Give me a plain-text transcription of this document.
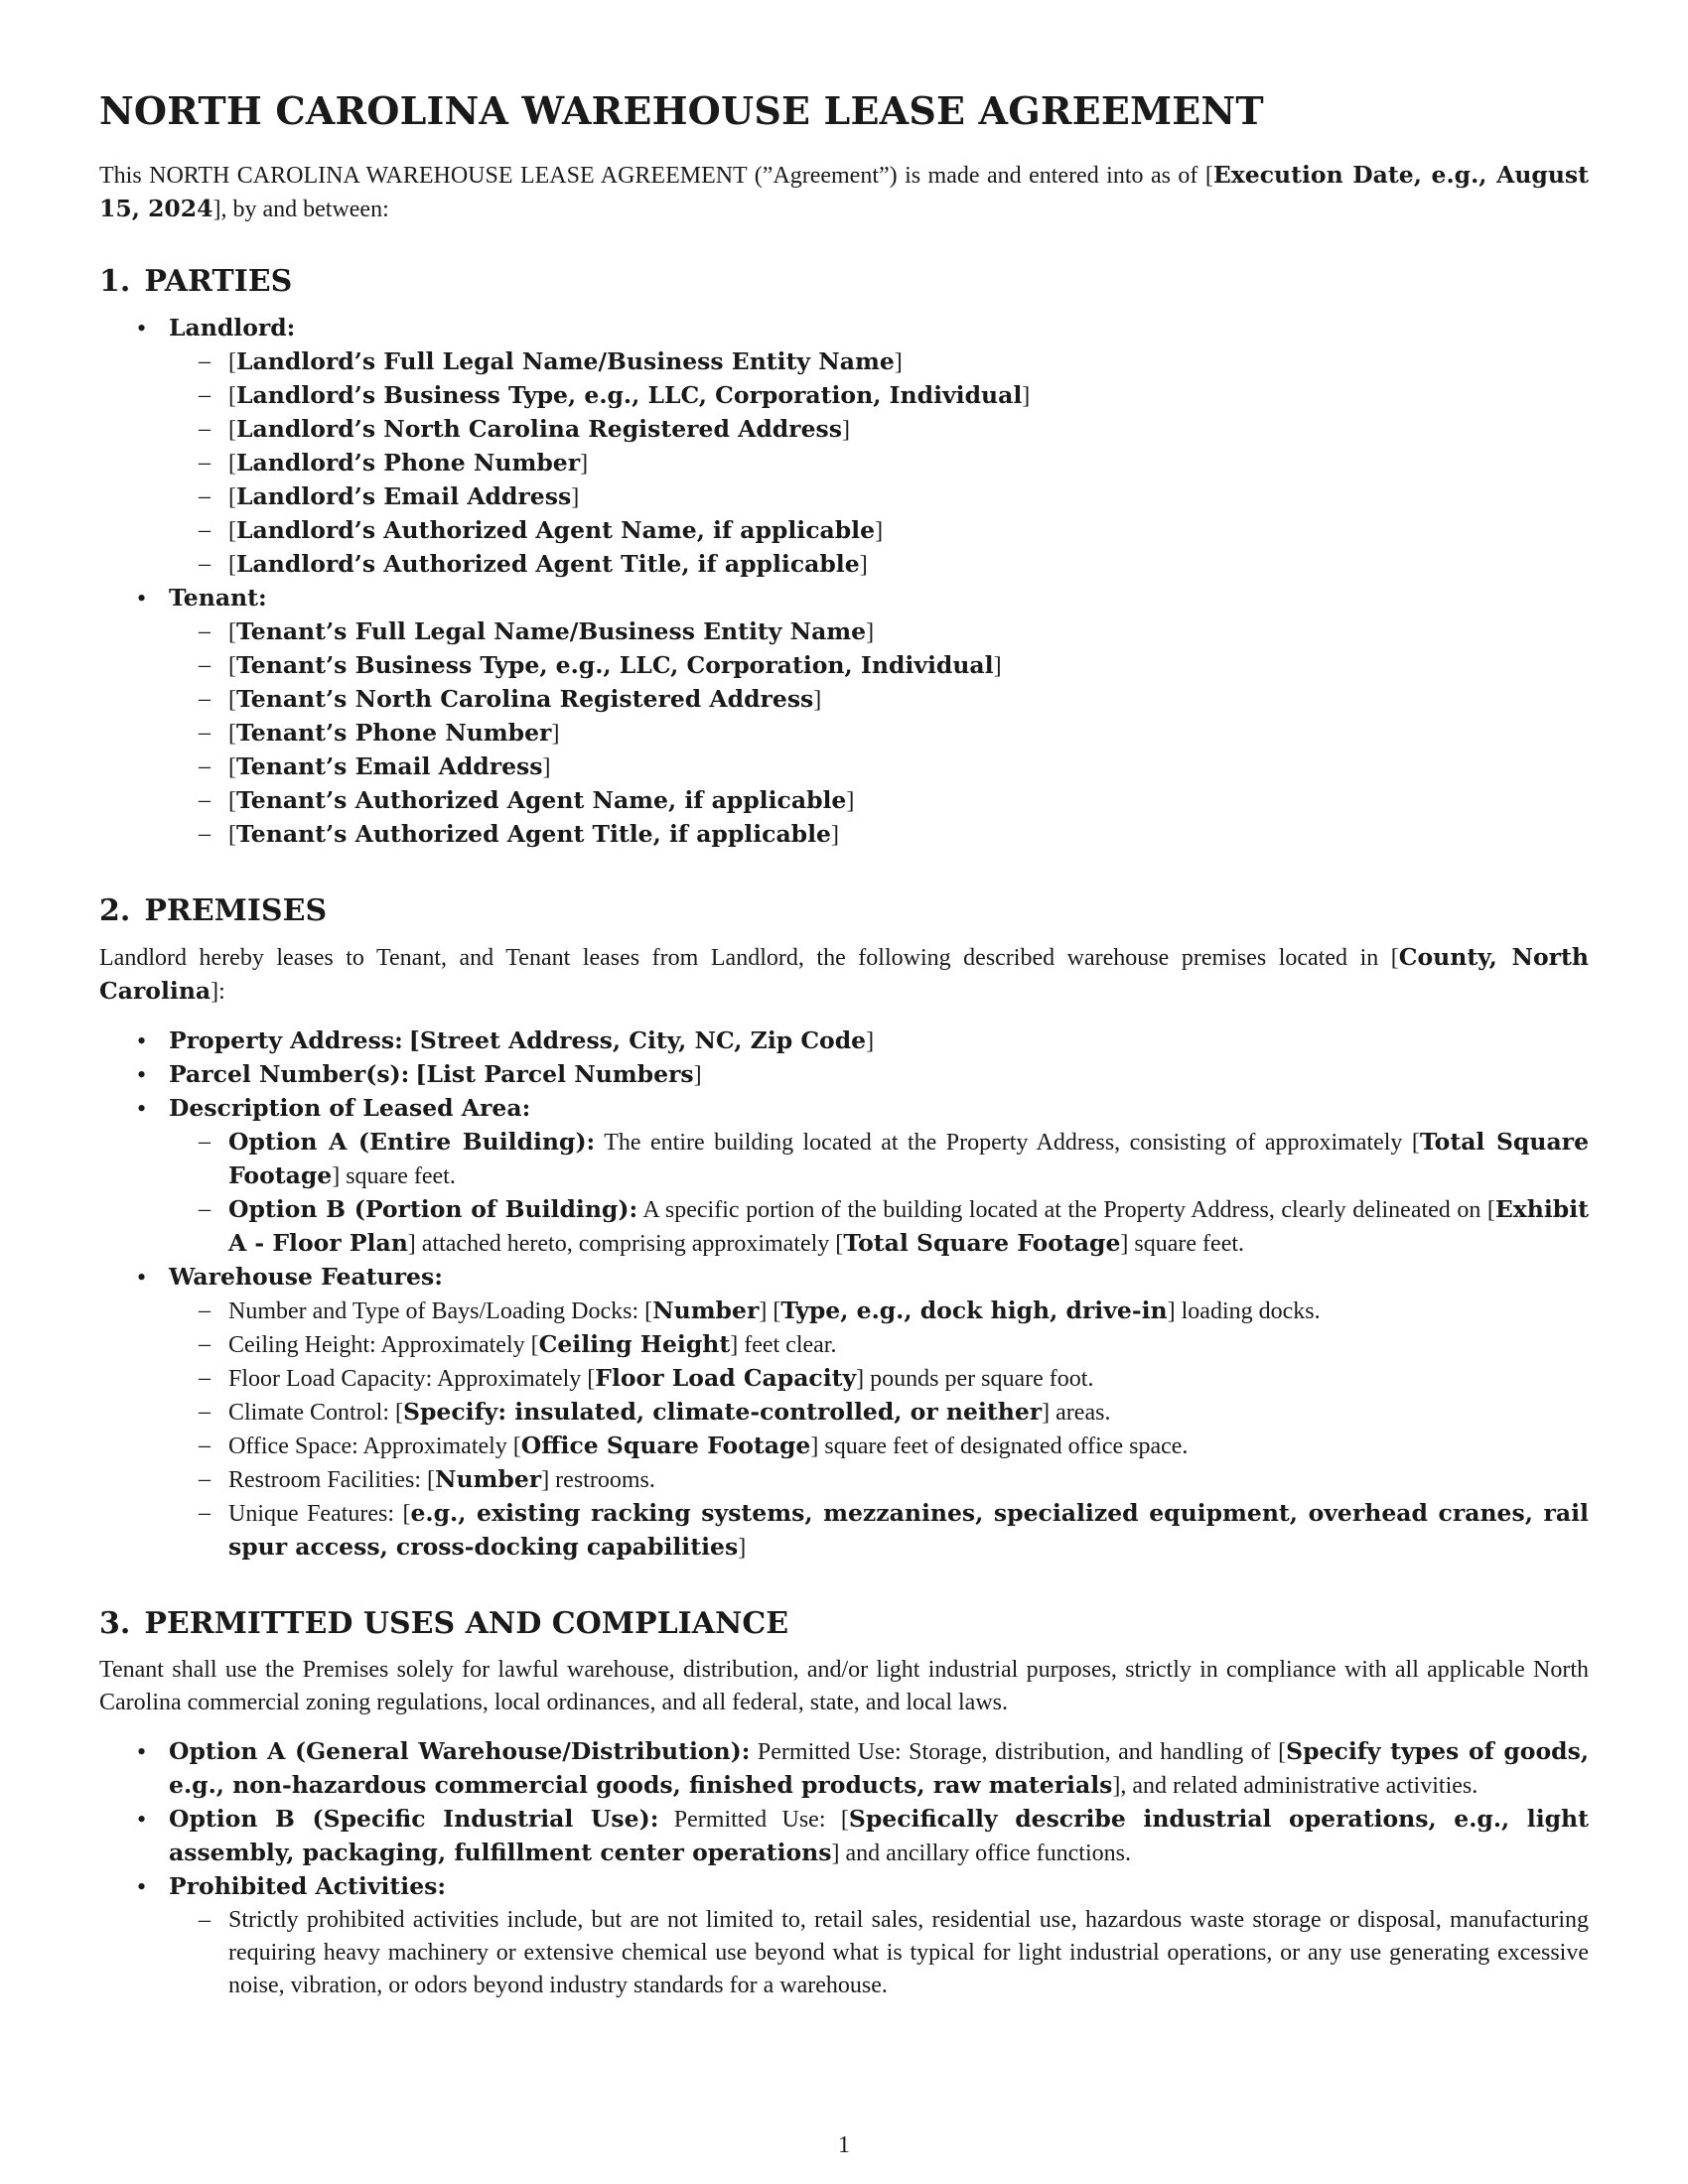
NORTH CAROLINA WAREHOUSE LEASE AGREEMENT

This NORTH CAROLINA WAREHOUSE LEASE AGREEMENT (”Agreement”) is made and entered into as of [Execution Date, e.g., August 15, 2024], by and between:

1. PARTIES
• Landlord:
– [Landlord’s Full Legal Name/Business Entity Name]
– [Landlord’s Business Type, e.g., LLC, Corporation, Individual]
– [Landlord’s North Carolina Registered Address]
– [Landlord’s Phone Number]
– [Landlord’s Email Address]
– [Landlord’s Authorized Agent Name, if applicable]
– [Landlord’s Authorized Agent Title, if applicable]
• Tenant:
– [Tenant’s Full Legal Name/Business Entity Name]
– [Tenant’s Business Type, e.g., LLC, Corporation, Individual]
– [Tenant’s North Carolina Registered Address]
– [Tenant’s Phone Number]
– [Tenant’s Email Address]
– [Tenant’s Authorized Agent Name, if applicable]
– [Tenant’s Authorized Agent Title, if applicable]
2. PREMISES

Landlord hereby leases to Tenant, and Tenant leases from Landlord, the following described warehouse premises located in [County, North Carolina]:

• Property Address: [Street Address, City, NC, Zip Code]
• Parcel Number(s): [List Parcel Numbers]
• Description of Leased Area:
– Option A (Entire Building): The entire building located at the Property Address, consisting of approximately [Total Square Footage] square feet.
– Option B (Portion of Building): A specific portion of the building located at the Property Address, clearly delineated on [Exhibit A - Floor Plan] attached hereto, comprising approximately [Total Square Footage] square feet.
• Warehouse Features:
– Number and Type of Bays/Loading Docks: [Number] [Type, e.g., dock high, drive-in] loading docks.
– Ceiling Height: Approximately [Ceiling Height] feet clear.
– Floor Load Capacity: Approximately [Floor Load Capacity] pounds per square foot.
– Climate Control: [Specify: insulated, climate-controlled, or neither] areas.
– Office Space: Approximately [Office Square Footage] square feet of designated office space.
– Restroom Facilities: [Number] restrooms.
– Unique Features: [e.g., existing racking systems, mezzanines, specialized equipment, overhead cranes, rail spur access, cross-docking capabilities]
3. PERMITTED USES AND COMPLIANCE

Tenant shall use the Premises solely for lawful warehouse, distribution, and/or light industrial purposes, strictly in compliance with all applicable North Carolina commercial zoning regulations, local ordinances, and all federal, state, and local laws.

• Option A (General Warehouse/Distribution): Permitted Use: Storage, distribution, and handling of [Specify types of goods, e.g., non-hazardous commercial goods, finished products, raw materials], and related administrative activities.
• Option B (Specific Industrial Use): Permitted Use: [Specifically describe industrial operations, e.g., light assembly, packaging, fulfillment center operations] and ancillary office functions.
• Prohibited Activities:
– Strictly prohibited activities include, but are not limited to, retail sales, residential use, hazardous waste storage or disposal, manufacturing requiring heavy machinery or extensive chemical use beyond what is typical for light industrial operations, or any use generating excessive noise, vibration, or odors beyond industry standards for a warehouse.
1
